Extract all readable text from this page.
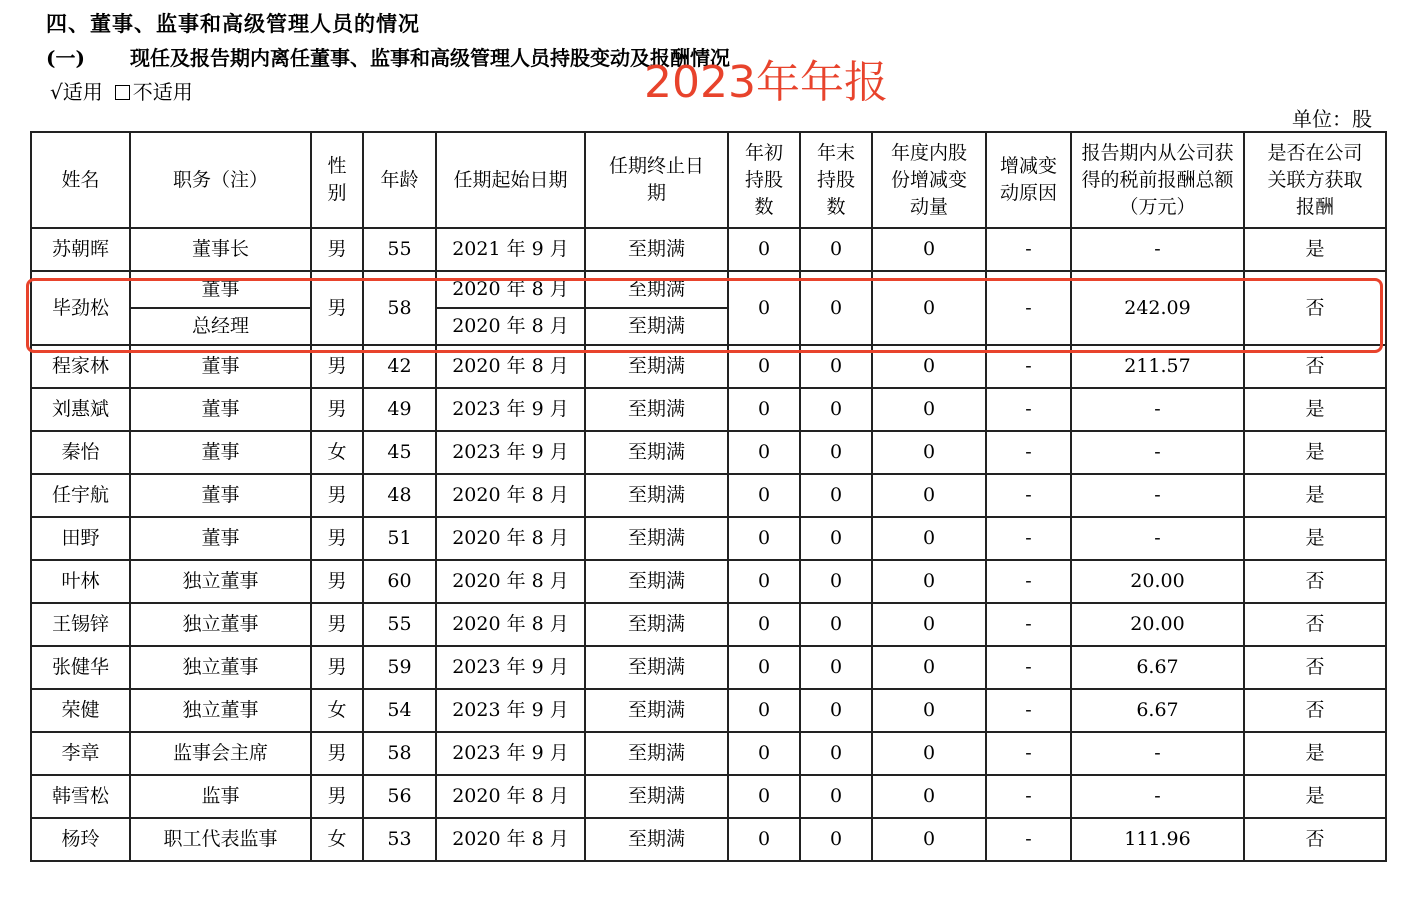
四、董事、监事和高级管理人员的情况
(一) 现任及报告期内离任董事、监事和高级管理人员持股变动及报酬情况
2023年年报
√适用 不适用
单位：股
姓名	职务（注）	性别	年龄	任期起始日期	任期终止日期	年初持股数	年末持股数	年度内股份增减变动量	增减变动原因	报告期内从公司获得的税前报酬总额（万元）	是否在公司关联方获取报酬
苏朝晖	董事长	男	55	2021 年 9 月	至期满	0	0	0	-	-	是
毕劲松	董事	男	58	2020 年 8 月	至期满	0	0	0	-	242.09	否
	总经理			2020 年 8 月	至期满						
程家林	董事	男	42	2020 年 8 月	至期满	0	0	0	-	211.57	否
刘惠斌	董事	男	49	2023 年 9 月	至期满	0	0	0	-	-	是
秦怡	董事	女	45	2023 年 9 月	至期满	0	0	0	-	-	是
任宇航	董事	男	48	2020 年 8 月	至期满	0	0	0	-	-	是
田野	董事	男	51	2020 年 8 月	至期满	0	0	0	-	-	是
叶林	独立董事	男	60	2020 年 8 月	至期满	0	0	0	-	20.00	否
王锡锌	独立董事	男	55	2020 年 8 月	至期满	0	0	0	-	20.00	否
张健华	独立董事	男	59	2023 年 9 月	至期满	0	0	0	-	6.67	否
荣健	独立董事	女	54	2023 年 9 月	至期满	0	0	0	-	6.67	否
李章	监事会主席	男	58	2023 年 9 月	至期满	0	0	0	-	-	是
韩雪松	监事	男	56	2020 年 8 月	至期满	0	0	0	-	-	是
杨玲	职工代表监事	女	53	2020 年 8 月	至期满	0	0	0	-	111.96	否
